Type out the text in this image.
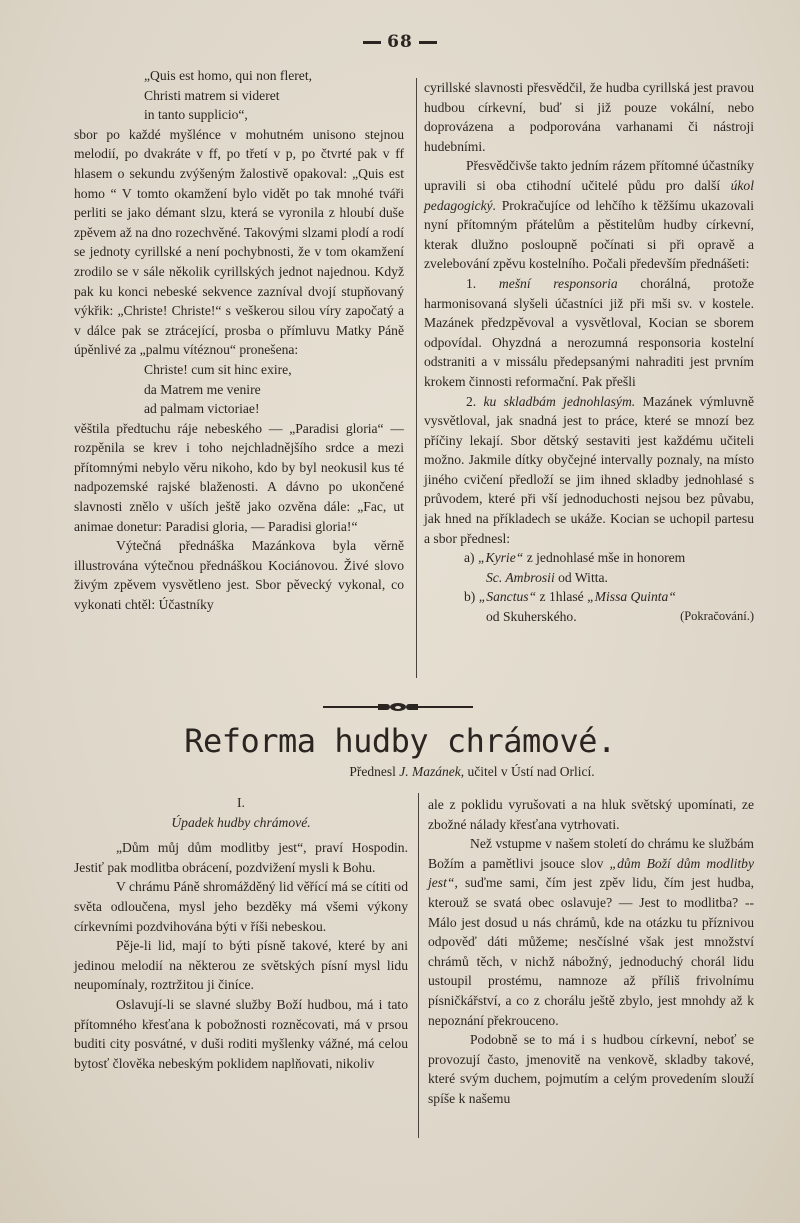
68

„Quis est homo, qui non fleret,

Christi matrem si videret

in tanto supplicio“,

sbor po každé myšlénce v mohutném unisono stejnou melodií, po dvakráte v ff, po třetí v p, po čtvrté pak v ff hlasem o sekundu zvýšeným žalostivě opakoval: „Quis est homo “ V tomto okamžení bylo vidět po tak mnohé tváři perliti se jako démant slzu, která se vyronila z hloubí duše zpěvem až na dno rozechvěné. Takovými slzami plodí a rodí se jednoty cyrillské a není pochybnosti, že v tom okamžení zrodilo se v sále několik cyrillských jednot najednou. Když pak ku konci nebeské sekvence zazníval dvojí stupňovaný výkřik: „Christe! Christe!“ s veškerou silou víry započatý a v dálce pak se ztrácející, prosba o přímluvu Matky Páně úpěnlivé za „palmu vítéznou“ pronešena:

Christe! cum sit hinc exire,

da Matrem me venire

ad palmam victoriae!

věštila předtuchu ráje nebeského — „Paradisi gloria“ — rozpěnila se krev i toho nejchladnějšího srdce a mezi přítomnými nebylo věru nikoho, kdo by byl neokusil kus té nadpozemské rajské blaženosti. A dávno po ukončené slavnosti znělo v uších ještě jako ozvěna dále: „Fac, ut animae donetur: Paradisi gloria, — Paradisi gloria!“

Výtečná přednáška Mazánkova byla věrně illustrována výtečnou přednáškou Kociánovou. Živé slovo živým zpěvem vysvětleno jest. Sbor pěvecký vykonal, co vykonati chtěl: Účastníky

cyrillské slavnosti přesvědčil, že hudba cyrillská jest pravou hudbou církevní, buď si již pouze vokální, nebo doprovázena a podporována varhanami či nástroji hudebními.

Přesvědčivše takto jedním rázem přítomné účastníky upravili si oba ctihodní učitelé půdu pro další úkol pedagogický. Prokračujíce od lehčího k těžšímu ukazovali nyní přítomným přátelům a pěstitelům hudby církevní, kterak dlužno posloupně počínati si při opravě a zvelebování zpěvu kostelního. Počali především přednášeti:

1. mešní responsoria chorálná, protože harmonisovaná slyšeli účastníci již při mši sv. v kostele. Mazánek předzpěvoval a vysvětloval, Kocian se sborem odpovídal. Ohyzdná a nerozumná responsoria kostelní odstraniti a v missálu předepsanými nahraditi jest prvním krokem činnosti reformační. Pak přešli

2. ku skladbám jednohlasým. Mazánek výmluvně vysvětloval, jak snadná jest to práce, které se mnozí bez příčiny lekají. Sbor dětský sestaviti jest každému učiteli možno. Jakmile dítky obyčejné intervally poznaly, na místo jiného cvičení předloží se jim ihned skladby jednohlasé s průvodem, které při vší jednoduchosti nejsou bez půvabu, jak hned na příkladech se ukáže. Kocian se uchopil partesu a sbor přednesl:

a) „Kyrie“ z jednohlasé mše in honorem

Sc. Ambrosii od Witta.

b) „Sanctus“ z 1hlasé „Missa Quinta“

od Skuherského.	(Pokračování.)

Reforma hudby chrámové.
Přednesl J. Mazánek, učitel v Ústí nad Orlicí.

I.

Úpadek hudby chrámové.

„Dům můj dům modlitby jest“, praví Hospodin. Jestiť pak modlitba obrácení, pozdvižení mysli k Bohu.

V chrámu Páně shromážděný lid věřící má se cítiti od světa odloučena, mysl jeho bezděky má všemi výkony církevními pozdvihována býti v říši nebeskou.

Pěje-li lid, mají to býti písně takové, které by ani jedinou melodií na některou ze světských písní mysl lidu neupomínaly, roztržitou ji činíce.

Oslavují-li se slavné služby Boží hudbou, má i tato přítomného křesťana k pobožnosti rozněcovati, má v prsou buditi city posvátné, v duši roditi myšlenky vážné, má celou bytosť člověka nebeským poklidem naplňovati, nikoliv

ale z poklidu vyrušovati a na hluk světský upomínati, ze zbožné nálady křesťana vytrhovati.

Než vstupme v našem století do chrámu ke službám Božím a pamětlivi jsouce slov „dům Boží dům modlitby jest“, suďme sami, čím jest zpěv lidu, čím jest hudba, kterouž se svatá obec oslavuje? — Jest to modlitba? -- Málo jest dosud u nás chrámů, kde na otázku tu příznivou odpověď dáti můžeme; nesčíslné však jest množství chrámů těch, v nichž nábožný, jednoduchý chorál lidu ustoupil prostému, namnoze až příliš frivolnímu písničkářství, a co z chorálu ještě zbylo, jest mnohdy až k nepoznání překrouceno.

Podobně se to má i s hudbou církevní, neboť se provozují často, jmenovitě na venkově, skladby takové, které svým duchem, pojmutím a celým provedením slouží spíše k našemu
